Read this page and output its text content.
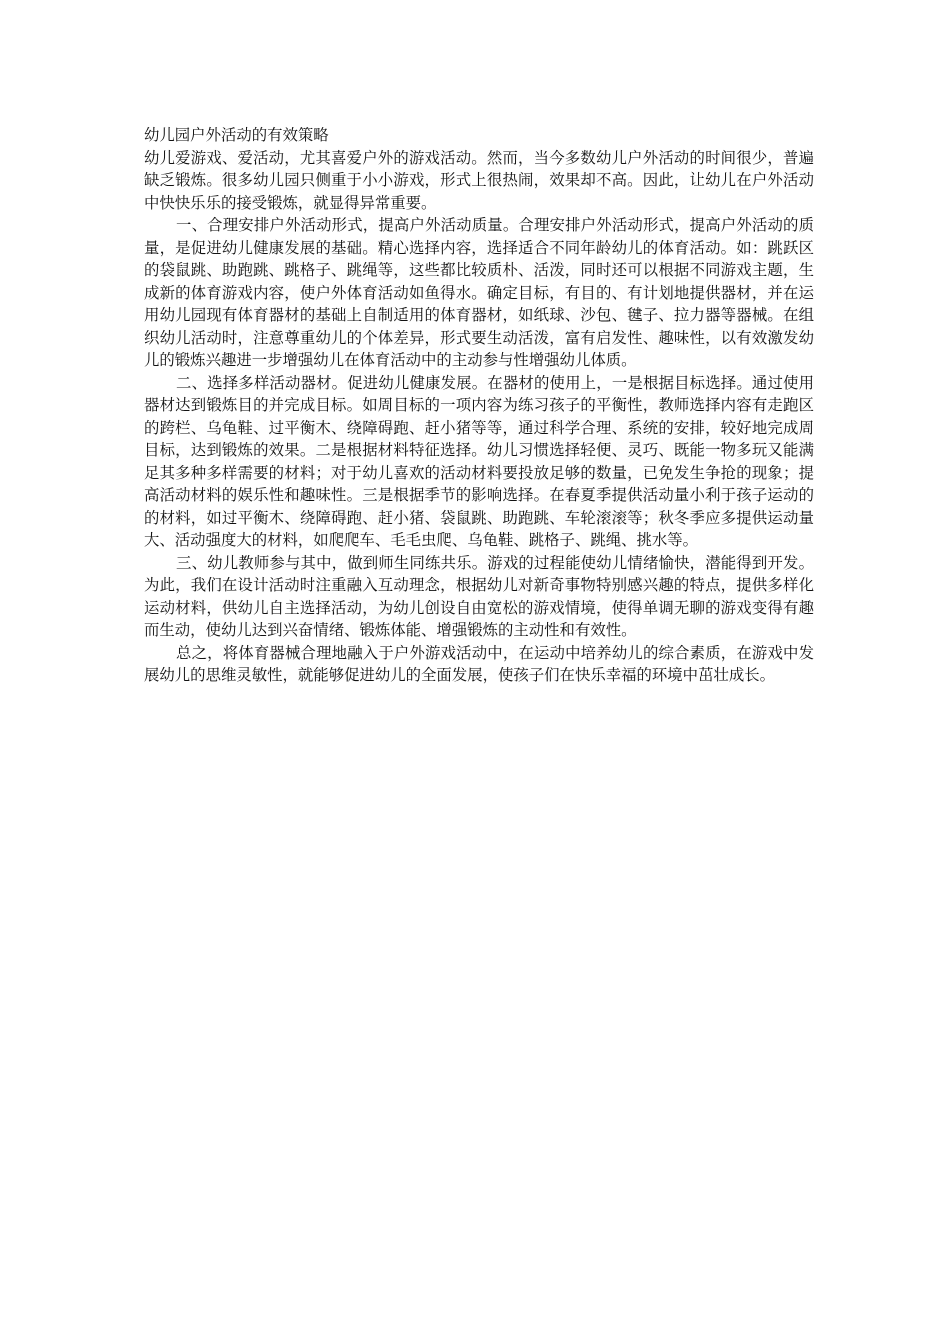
幼儿园户外活动的有效策略

幼儿爱游戏、爱活动，尤其喜爱户外的游戏活动。然而，当今多数幼儿户外活动的时间很少，普遍缺乏锻炼。很多幼儿园只侧重于小小游戏，形式上很热闹，效果却不高。因此，让幼儿在户外活动中快快乐乐的接受锻炼，就显得异常重要。

一、合理安排户外活动形式，提高户外活动质量。合理安排户外活动形式，提高户外活动的质量，是促进幼儿健康发展的基础。精心选择内容，选择适合不同年龄幼儿的体育活动。如：跳跃区的袋鼠跳、助跑跳、跳格子、跳绳等，这些都比较质朴、活泼，同时还可以根据不同游戏主题，生成新的体育游戏内容，使户外体育活动如鱼得水。确定目标，有目的、有计划地提供器材，并在运用幼儿园现有体育器材的基础上自制适用的体育器材，如纸球、沙包、毽子、拉力器等器械。在组织幼儿活动时，注意尊重幼儿的个体差异，形式要生动活泼，富有启发性、趣味性，以有效激发幼儿的锻炼兴趣进一步增强幼儿在体育活动中的主动参与性增强幼儿体质。

二、选择多样活动器材。促进幼儿健康发展。在器材的使用上，一是根据目标选择。通过使用器材达到锻炼目的并完成目标。如周目标的一项内容为练习孩子的平衡性，教师选择内容有走跑区的跨栏、乌龟鞋、过平衡木、绕障碍跑、赶小猪等等，通过科学合理、系统的安排，较好地完成周目标，达到锻炼的效果。二是根据材料特征选择。幼儿习惯选择轻便、灵巧、既能一物多玩又能满足其多种多样需要的材料；对于幼儿喜欢的活动材料要投放足够的数量，已免发生争抢的现象；提高活动材料的娱乐性和趣味性。三是根据季节的影响选择。在春夏季提供活动量小利于孩子运动的的材料，如过平衡木、绕障碍跑、赶小猪、袋鼠跳、助跑跳、车轮滚滚等；秋冬季应多提供运动量大、活动强度大的材料，如爬爬车、毛毛虫爬、乌龟鞋、跳格子、跳绳、挑水等。

三、幼儿教师参与其中，做到师生同练共乐。游戏的过程能使幼儿情绪愉快，潜能得到开发。为此，我们在设计活动时注重融入互动理念，根据幼儿对新奇事物特别感兴趣的特点，提供多样化运动材料，供幼儿自主选择活动，为幼儿创设自由宽松的游戏情境，使得单调无聊的游戏变得有趣而生动，使幼儿达到兴奋情绪、锻炼体能、增强锻炼的主动性和有效性。

总之，将体育器械合理地融入于户外游戏活动中，在运动中培养幼儿的综合素质，在游戏中发展幼儿的思维灵敏性，就能够促进幼儿的全面发展，使孩子们在快乐幸福的环境中茁壮成长。
